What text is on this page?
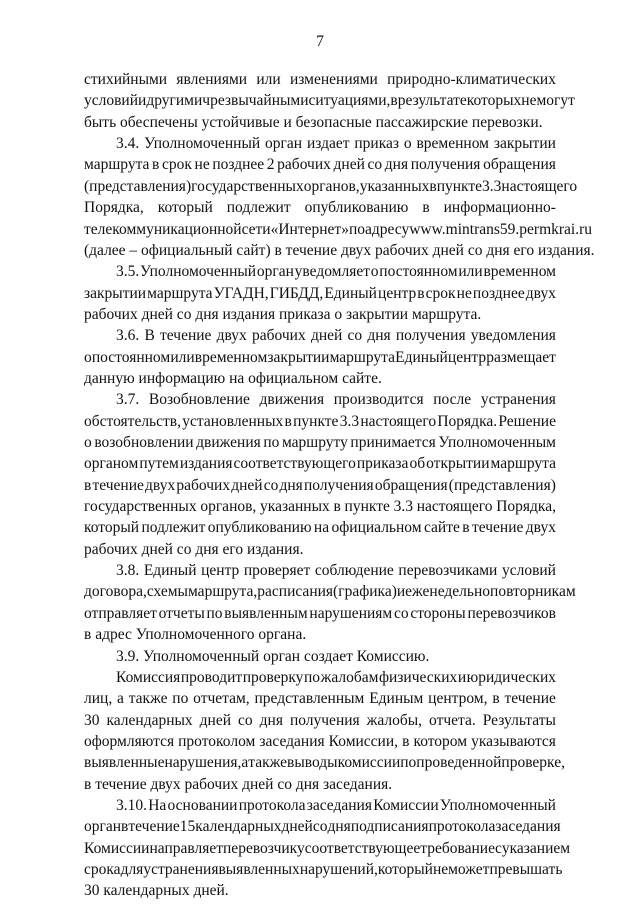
7
стихийными явлениями или изменениями природно-климатических
условий и другими чрезвычайными ситуациями, в результате которых не могут
быть обеспечены устойчивые и безопасные пассажирские перевозки.
3.4. Уполномоченный орган издает приказ о временном закрытии
маршрута в срок не позднее 2 рабочих дней со дня получения обращения
(представления) государственных органов, указанных в пункте 3.3 настоящего
Порядка, который подлежит опубликованию в информационно-
телекоммуникационной сети «Интернет» по адресу www.mintrans59.permkrai.ru
(далее – официальный сайт) в течение двух рабочих дней со дня его издания.
3.5. Уполномоченный орган уведомляет о постоянном или временном
закрытии маршрута УГАДН, ГИБДД, Единый центр в срок не позднее двух
рабочих дней со дня издания приказа о закрытии маршрута.
3.6. В течение двух рабочих дней со дня получения уведомления
о постоянном или временном закрытии маршрута Единый центр размещает
данную информацию на официальном сайте.
3.7. Возобновление движения производится после устранения
обстоятельств, установленных в пункте 3.3 настоящего Порядка. Решение
о возобновлении движения по маршруту принимается Уполномоченным
органом путем издания соответствующего приказа об открытии маршрута
в течение двух рабочих дней со дня получения обращения (представления)
государственных органов, указанных в пункте 3.3 настоящего Порядка,
который подлежит опубликованию на официальном сайте в течение двух
рабочих дней со дня его издания.
3.8. Единый центр проверяет соблюдение перевозчиками условий
договора, схемы маршрута, расписания (графика) и еженедельно по вторникам
отправляет отчеты по выявленным нарушениям со стороны перевозчиков
в адрес Уполномоченного органа.
3.9. Уполномоченный орган создает Комиссию.
Комиссия проводит проверку по жалобам физических и юридических
лиц, а также по отчетам, представленным Единым центром, в течение
30 календарных дней со дня получения жалобы, отчета. Результаты
оформляются протоколом заседания Комиссии, в котором указываются
выявленные нарушения, а также выводы комиссии по проведенной проверке,
в течение двух рабочих дней со дня заседания.
3.10. На основании протокола заседания Комиссии Уполномоченный
орган в течение 15 календарных дней со дня подписания протокола заседания
Комиссии направляет перевозчику соответствующее требование с указанием
срока для устранения выявленных нарушений, который не может превышать
30 календарных дней.
